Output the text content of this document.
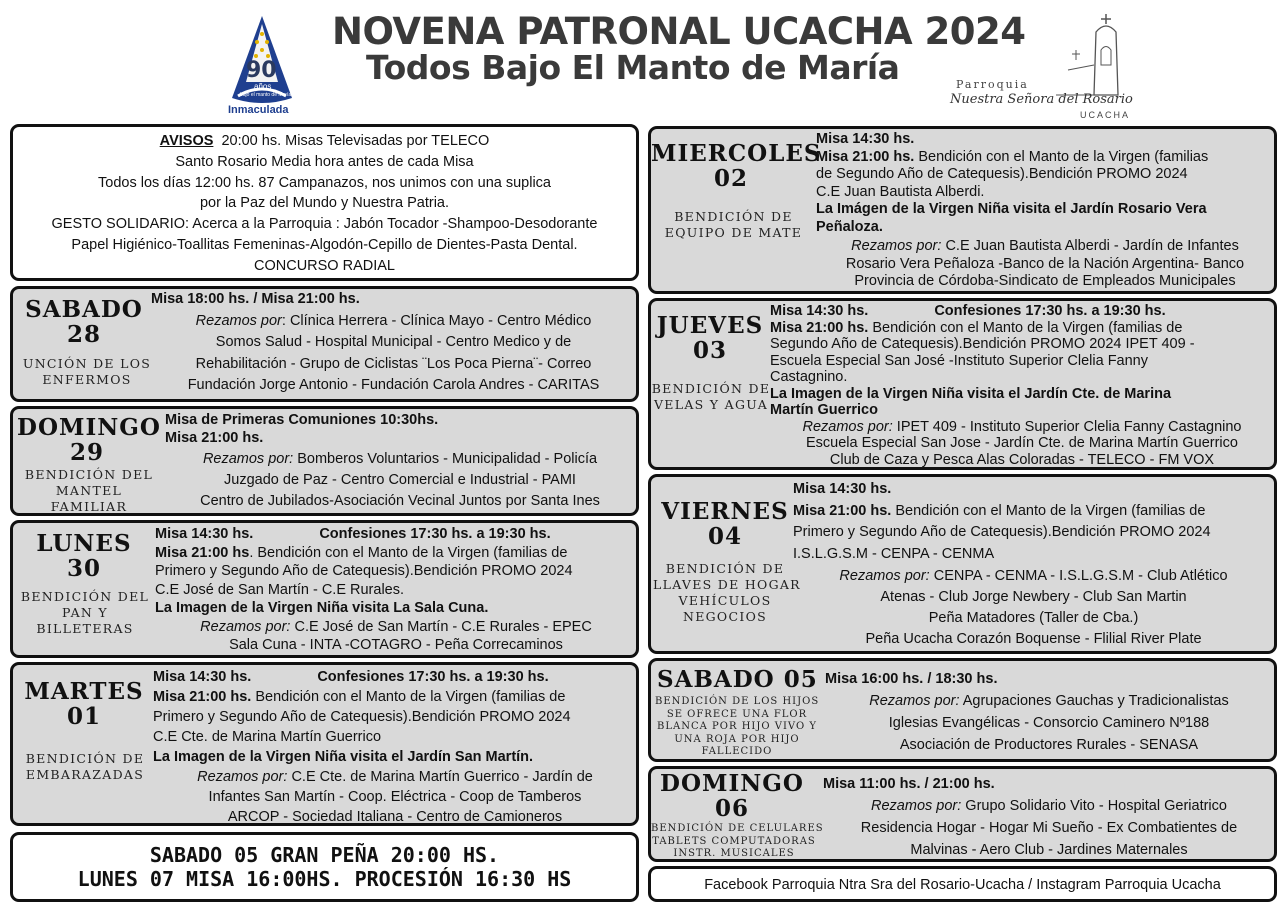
90
años
bajo el manto de María
Inmaculada
NOVENA PATRONAL UCACHA 2024
Todos Bajo El Manto de María	Parroquia
Nuestra Señora del Rosario
UCACHA
AVISOS 20:00 hs. Misas Televisadas por TELECO
Santo Rosario Media hora antes de cada Misa
Todos los días 12:00 hs. 87 Campanazos, nos unimos con una suplica
por la Paz del Mundo y Nuestra Patria.
GESTO SOLIDARIO: Acerca a la Parroquia : Jabón Tocador -Shampoo-Desodorante
Papel Higiénico-Toallitas Femeninas-Algodón-Cepillo de Dientes-Pasta Dental.
CONCURSO RADIAL
SABADO
28
UNCIÓN DE LOS
ENFERMOS
Misa 18:00 hs. / Misa 21:00 hs.
Rezamos por: Clínica Herrera - Clínica Mayo - Centro Médico
Somos Salud - Hospital Municipal - Centro Medico y de
Rehabilitación - Grupo de Ciclistas ¨Los Poca Pierna¨- Correo
Fundación Jorge Antonio - Fundación Carola Andres - CARITAS
DOMINGO
29
BENDICIÓN DEL
MANTEL
FAMILIAR
Misa de Primeras Comuniones 10:30hs.
Misa 21:00 hs.
Rezamos por: Bomberos Voluntarios - Municipalidad - Policía
Juzgado de Paz - Centro Comercial e Industrial - PAMI
Centro de Jubilados-Asociación Vecinal Juntos por Santa Ines
LUNES
30
BENDICIÓN DEL
PAN Y
BILLETERAS
Misa 14:30 hs.	Confesiones 17:30 hs. a 19:30 hs.
Misa 21:00 hs. Bendición con el Manto de la Virgen (familias de
Primero y Segundo Año de Catequesis).Bendición PROMO 2024
C.E José de San Martín - C.E Rurales.
La Imagen de la Virgen Niña visita La Sala Cuna.
Rezamos por: C.E José de San Martín - C.E Rurales - EPEC
Sala Cuna - INTA -COTAGRO - Peña Correcaminos
MARTES
01
BENDICIÓN DE
EMBARAZADAS
Misa 14:30 hs.	Confesiones 17:30 hs. a 19:30 hs.
Misa 21:00 hs. Bendición con el Manto de la Virgen (familias de
Primero y Segundo Año de Catequesis).Bendición PROMO 2024
C.E Cte. de Marina Martín Guerrico
La Imagen de la Virgen Niña visita el Jardín San Martín.
Rezamos por: C.E Cte. de Marina Martín Guerrico - Jardín de
Infantes San Martín - Coop. Eléctrica - Coop de Tamberos
ARCOP - Sociedad Italiana - Centro de Camioneros
SABADO 05 GRAN PEÑA 20:00 HS.
LUNES 07 MISA 16:00HS. PROCESIÓN 16:30 HS
MIERCOLES
02
BENDICIÓN DE
EQUIPO DE MATE
Misa 14:30 hs.
Misa 21:00 hs. Bendición con el Manto de la Virgen (familias
de Segundo Año de Catequesis).Bendición PROMO 2024
C.E Juan Bautista Alberdi.
La Imágen de la Virgen Niña visita el Jardín Rosario Vera
Peñaloza.
Rezamos por: C.E Juan Bautista Alberdi - Jardín de Infantes
Rosario Vera Peñaloza -Banco de la Nación Argentina- Banco
Provincia de Córdoba-Sindicato de Empleados Municipales
JUEVES
03
BENDICIÓN DE
VELAS Y AGUA
Misa 14:30 hs.	Confesiones 17:30 hs. a 19:30 hs.
Misa 21:00 hs. Bendición con el Manto de la Virgen (familias de
Segundo Año de Catequesis).Bendición PROMO 2024 IPET 409 -
Escuela Especial San José -Instituto Superior Clelia Fanny
Castagnino.
La Imagen de la Virgen Niña visita el Jardín Cte. de Marina
Martín Guerrico
Rezamos por: IPET 409 - Instituto Superior Clelia Fanny Castagnino
Escuela Especial San Jose - Jardín Cte. de Marina Martín Guerrico
Club de Caza y Pesca Alas Coloradas - TELECO - FM VOX
VIERNES
04
BENDICIÓN DE
LLAVES DE HOGAR
VEHÍCULOS
NEGOCIOS
Misa 14:30 hs.
Misa 21:00 hs. Bendición con el Manto de la Virgen (familias de
Primero y Segundo Año de Catequesis).Bendición PROMO 2024
I.S.L.G.S.M - CENPA - CENMA
Rezamos por: CENPA - CENMA - I.S.L.G.S.M - Club Atlético
Atenas - Club Jorge Newbery - Club San Martin
Peña Matadores (Taller de Cba.)
Peña Ucacha Corazón Boquense - Flilial River Plate
SABADO 05
BENDICIÓN DE LOS HIJOS
SE OFRECE UNA FLOR
BLANCA POR HIJO VIVO Y
UNA ROJA POR HIJO
FALLECIDO
Misa 16:00 hs. / 18:30 hs.
Rezamos por: Agrupaciones Gauchas y Tradicionalistas
Iglesias Evangélicas - Consorcio Caminero Nº188
Asociación de Productores Rurales - SENASA
DOMINGO
06
BENDICIÓN DE CELULARES
TABLETS COMPUTADORAS
INSTR. MUSICALES
Misa 11:00 hs. / 21:00 hs.
Rezamos por: Grupo Solidario Vito - Hospital Geriatrico
Residencia Hogar - Hogar Mi Sueño - Ex Combatientes de
Malvinas - Aero Club - Jardines Maternales
Facebook Parroquia Ntra Sra del Rosario-Ucacha / Instagram Parroquia Ucacha
